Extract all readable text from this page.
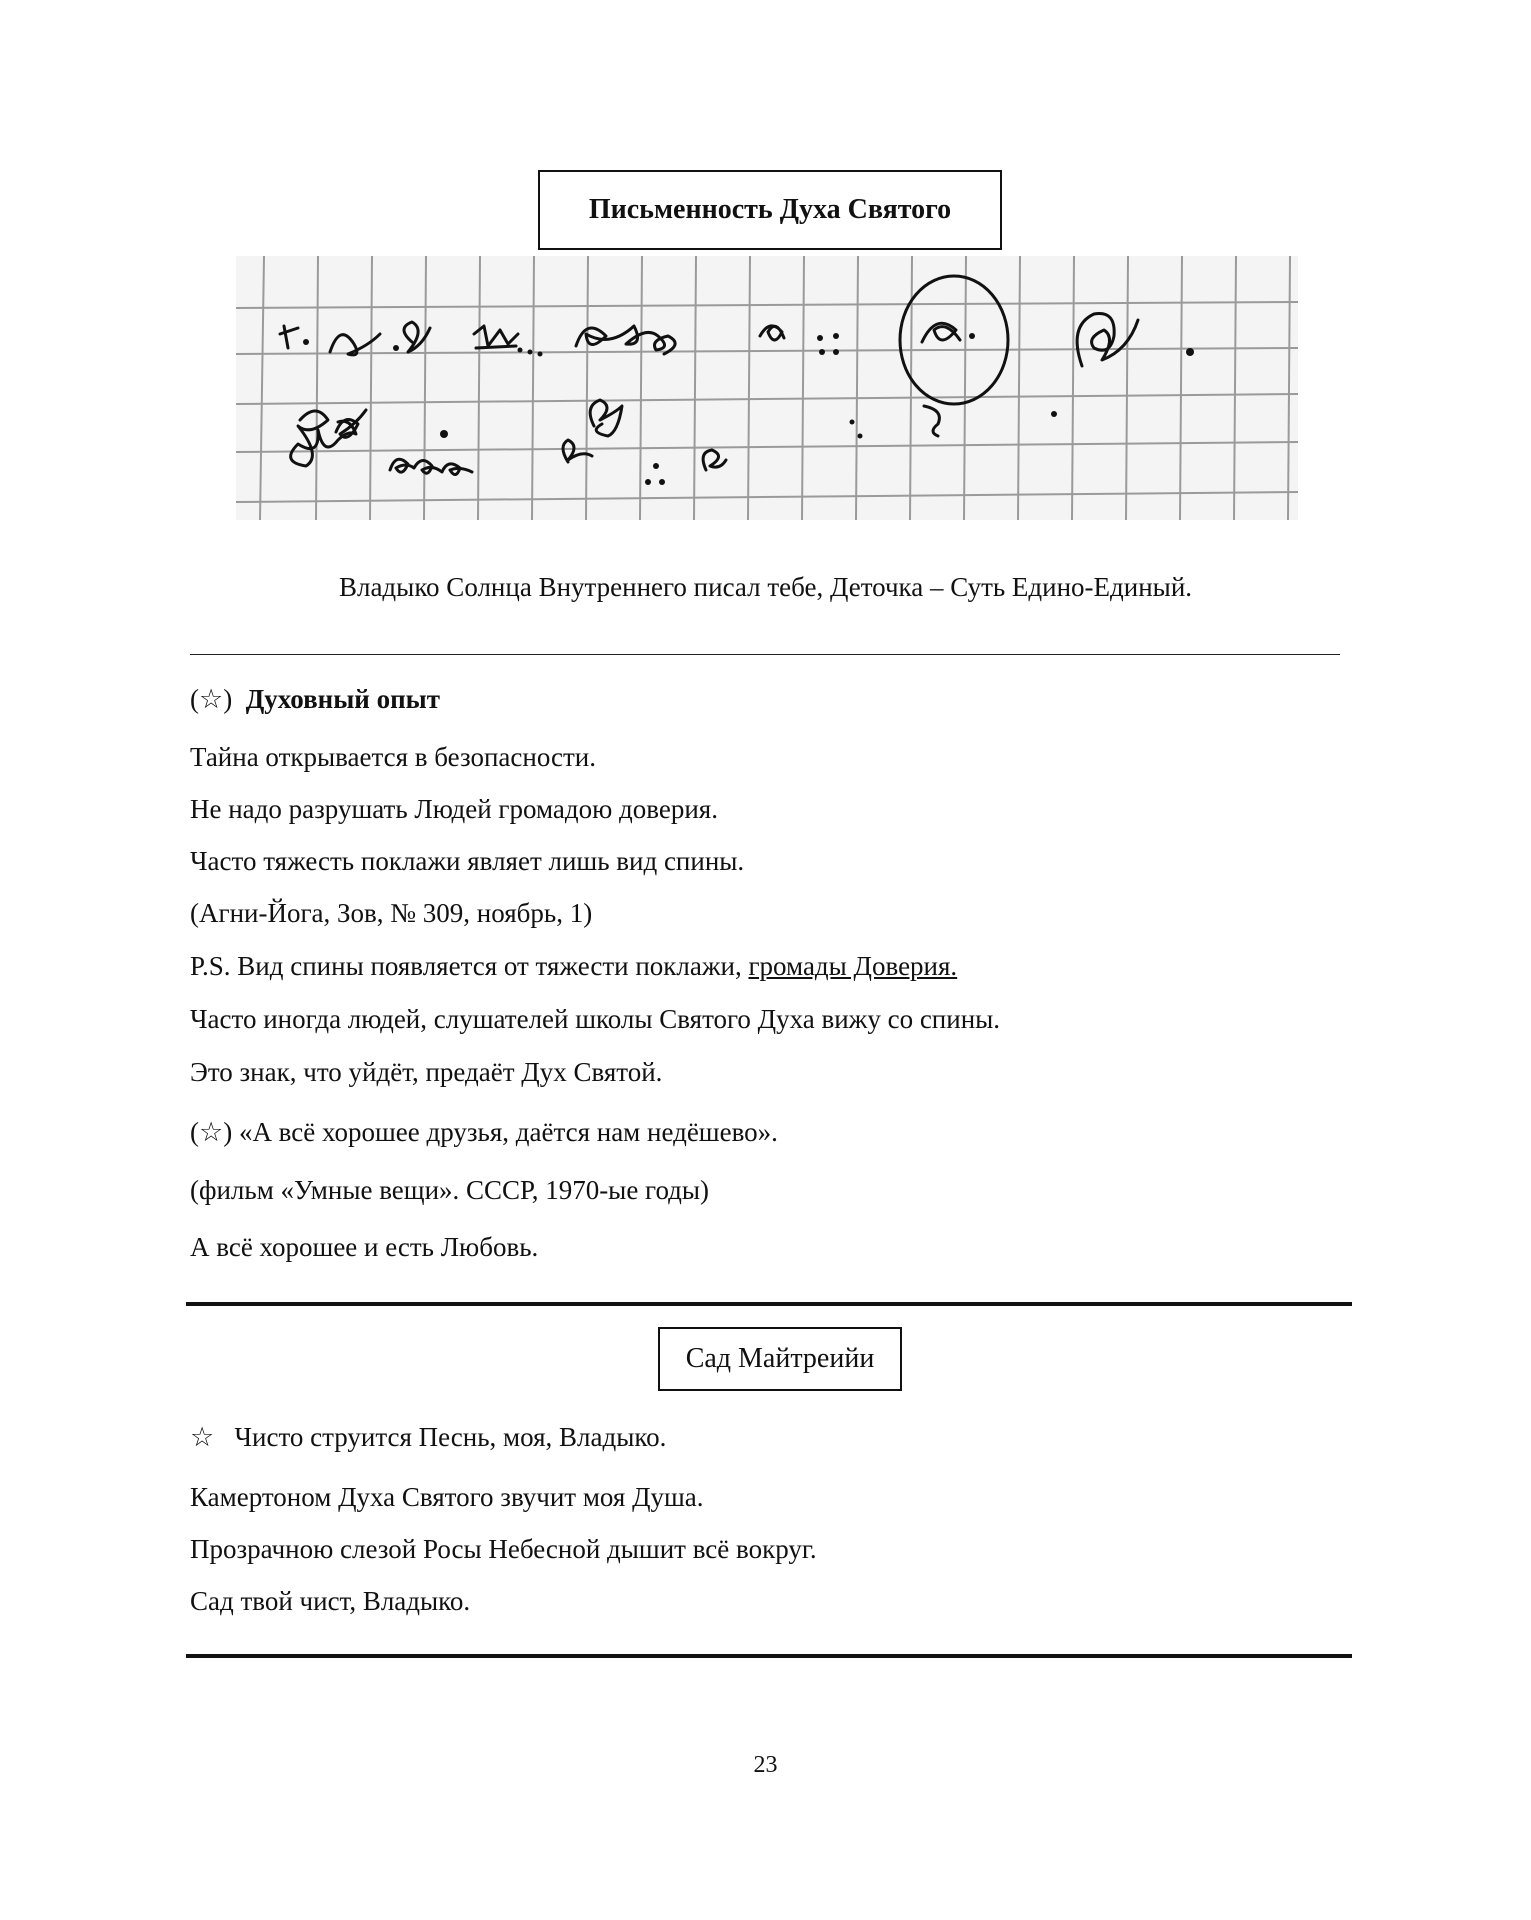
Письменность Духа Святого
Владыко Солнца Внутреннего писал тебе, Деточка – Суть Едино-Единый.
(☆) Духовный опыт
Тайна открывается в безопасности.
Не надо разрушать Людей громадою доверия.
Часто тяжесть поклажи являет лишь вид спины.
(Агни-Йога, Зов, № 309, ноябрь, 1)
P.S. Вид спины появляется от тяжести поклажи, громады Доверия.
Часто иногда людей, слушателей школы Святого Духа вижу со спины.
Это знак, что уйдёт, предаёт Дух Святой.
(☆) «А всё хорошее друзья, даётся нам недёшево».
(фильм «Умные вещи». СССР, 1970-ые годы)
А всё хорошее и есть Любовь.
Сад Майтреийи
☆ Чисто струится Песнь, моя, Владыко.
Камертоном Духа Святого звучит моя Душа.
Прозрачною слезой Росы Небесной дышит всё вокруг.
Сад твой чист, Владыко.
23
